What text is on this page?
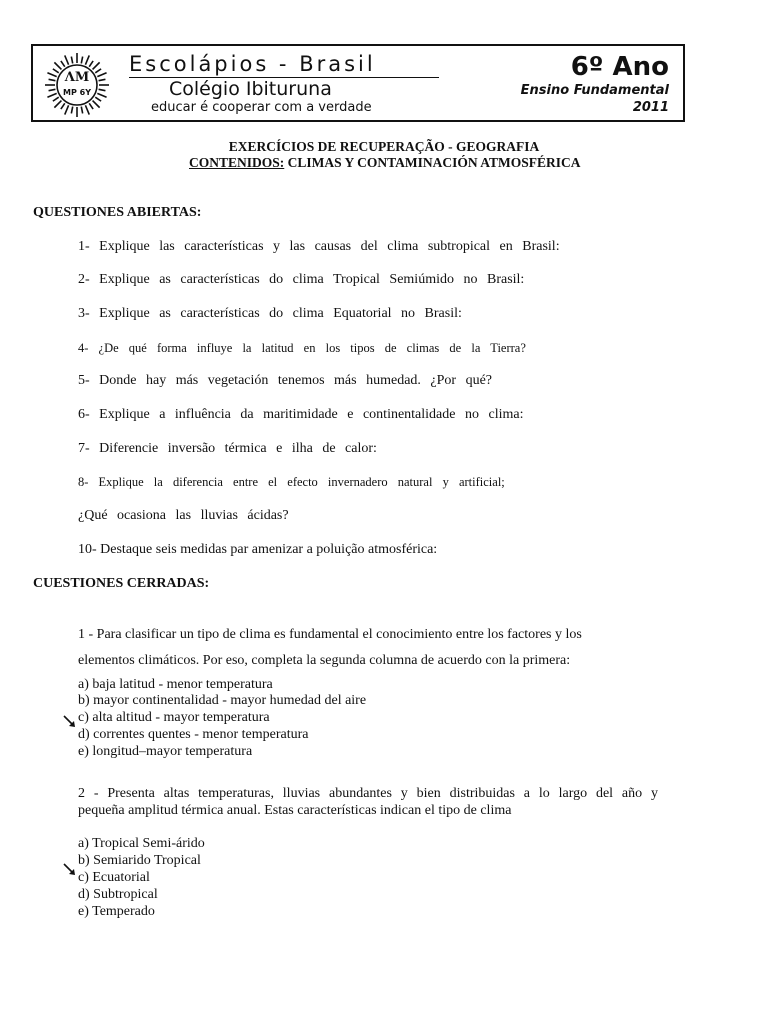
ΛM
MP 6Y
Escolápios - Brasil
Colégio Ibituruna
educar é cooperar com a verdade
6º Ano
Ensino Fundamental
2011
EXERCÍCIOS DE RECUPERAÇÃO - GEOGRAFIA
CONTENIDOS: CLIMAS Y CONTAMINACIÓN ATMOSFÉRICA
QUESTIONES ABIERTAS:
1- Explique las características y las causas del clima subtropical en Brasil:
2- Explique as características do clima Tropical Semiúmido no Brasil:
3- Explique as características do clima Equatorial no Brasil:
4- ¿De qué forma influye la latitud en los tipos de climas de la Tierra?
5- Donde hay más vegetación tenemos más humedad. ¿Por qué?
6- Explique a influência da maritimidade e continentalidade no clima:
7- Diferencie inversão térmica e ilha de calor:
8- Explique la diferencia entre el efecto invernadero natural y artificial;
¿Qué ocasiona las lluvias ácidas?
10- Destaque seis medidas par amenizar a poluição atmosférica:
CUESTIONES CERRADAS:
1 - Para clasificar un tipo de clima es fundamental el conocimiento entre los factores y los
elementos climáticos. Por eso, completa la segunda columna de acuerdo con la primera:
a) baja latitud - menor temperatura
b) mayor continentalidad - mayor humedad del aire
c) alta altitud - mayor temperatura
d) correntes quentes - menor temperatura
e) longitud–mayor temperatura
2 - Presenta altas temperaturas, lluvias abundantes y bien distribuidas a lo largo del año y
pequeña amplitud térmica anual. Estas características indican el tipo de clima
a) Tropical Semi-árido
b) Semiarido Tropical
c) Ecuatorial
d) Subtropical
e) Temperado
